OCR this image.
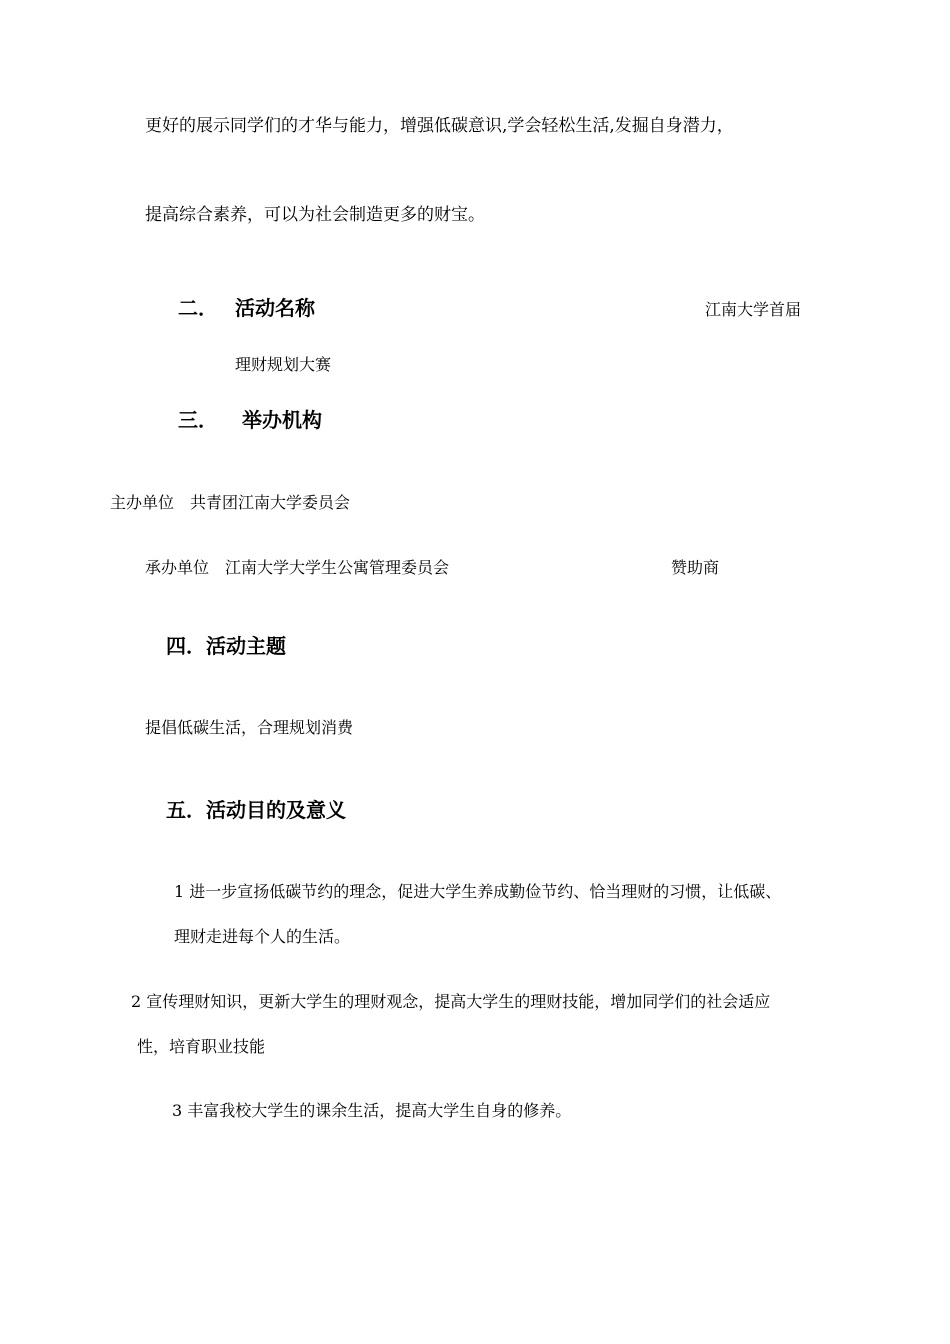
更好的展示同学们的才华与能力，增强低碳意识,学会轻松生活,发掘自身潜力，
提高综合素养，可以为社会制造更多的财宝。
二． 活动名称	江南大学首届
理财规划大赛
三． 举办机构
主办单位　共青团江南大学委员会
承办单位　江南大学大学生公寓管理委员会	赞助商
四．活动主题
提倡低碳生活，合理规划消费
五．活动目的及意义
1 进一步宣扬低碳节约的理念，促进大学生养成勤俭节约、恰当理财的习惯，让低碳、
理财走进每个人的生活。
2 宣传理财知识，更新大学生的理财观念，提高大学生的理财技能，增加同学们的社会适应
性，培育职业技能
3 丰富我校大学生的课余生活，提高大学生自身的修养。
